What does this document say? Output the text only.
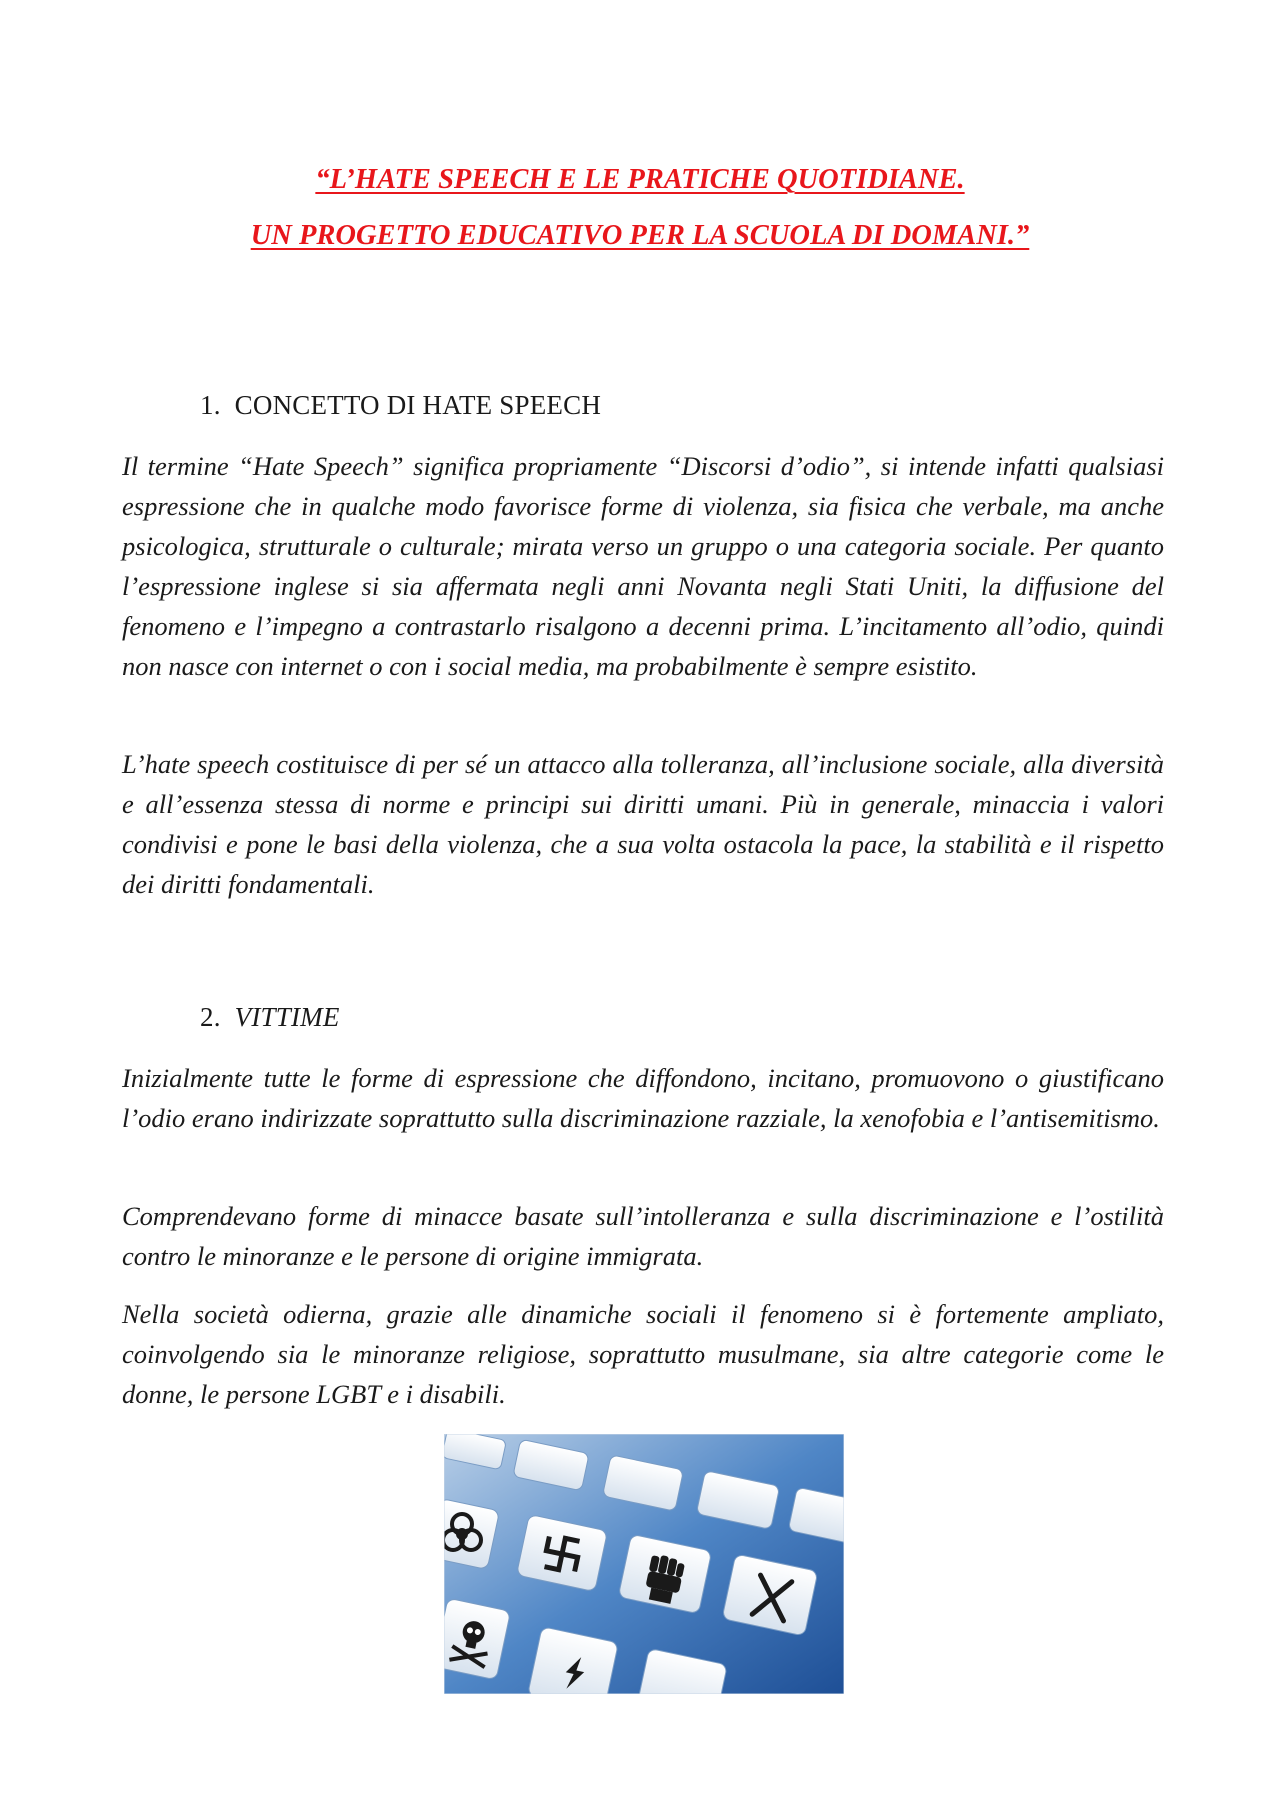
“L’HATE SPEECH E LE PRATICHE QUOTIDIANE.
UN PROGETTO EDUCATIVO PER LA SCUOLA DI DOMANI.”
1. CONCETTO DI HATE SPEECH

Il termine “Hate Speech” significa propriamente “Discorsi d’odio”, si intende infatti qualsiasi espressione che in qualche modo favorisce forme di violenza, sia fisica che verbale, ma anche psicologica, strutturale o culturale; mirata verso un gruppo o una categoria sociale. Per quanto l’espressione inglese si sia affermata negli anni Novanta negli Stati Uniti, la diffusione del fenomeno e l’impegno a contrastarlo risalgono a decenni prima. L’incitamento all’odio, quindi non nasce con internet o con i social media, ma probabilmente è sempre esistito.

L’hate speech costituisce di per sé un attacco alla tolleranza, all’inclusione sociale, alla diversità e all’essenza stessa di norme e principi sui diritti umani. Più in generale, minaccia i valori condivisi e pone le basi della violenza, che a sua volta ostacola la pace, la stabilità e il rispetto dei diritti fondamentali.

2. VITTIME

Inizialmente tutte le forme di espressione che diffondono, incitano, promuovono o giustificano l’odio erano indirizzate soprattutto sulla discriminazione razziale, la xenofobia e l’antisemitismo.

Comprendevano forme di minacce basate sull’intolleranza e sulla discriminazione e l’ostilità contro le minoranze e le persone di origine immigrata.

Nella società odierna, grazie alle dinamiche sociali il fenomeno si è fortemente ampliato, coinvolgendo sia le minoranze religiose, soprattutto musulmane, sia altre categorie come le donne, le persone LGBT e i disabili.
